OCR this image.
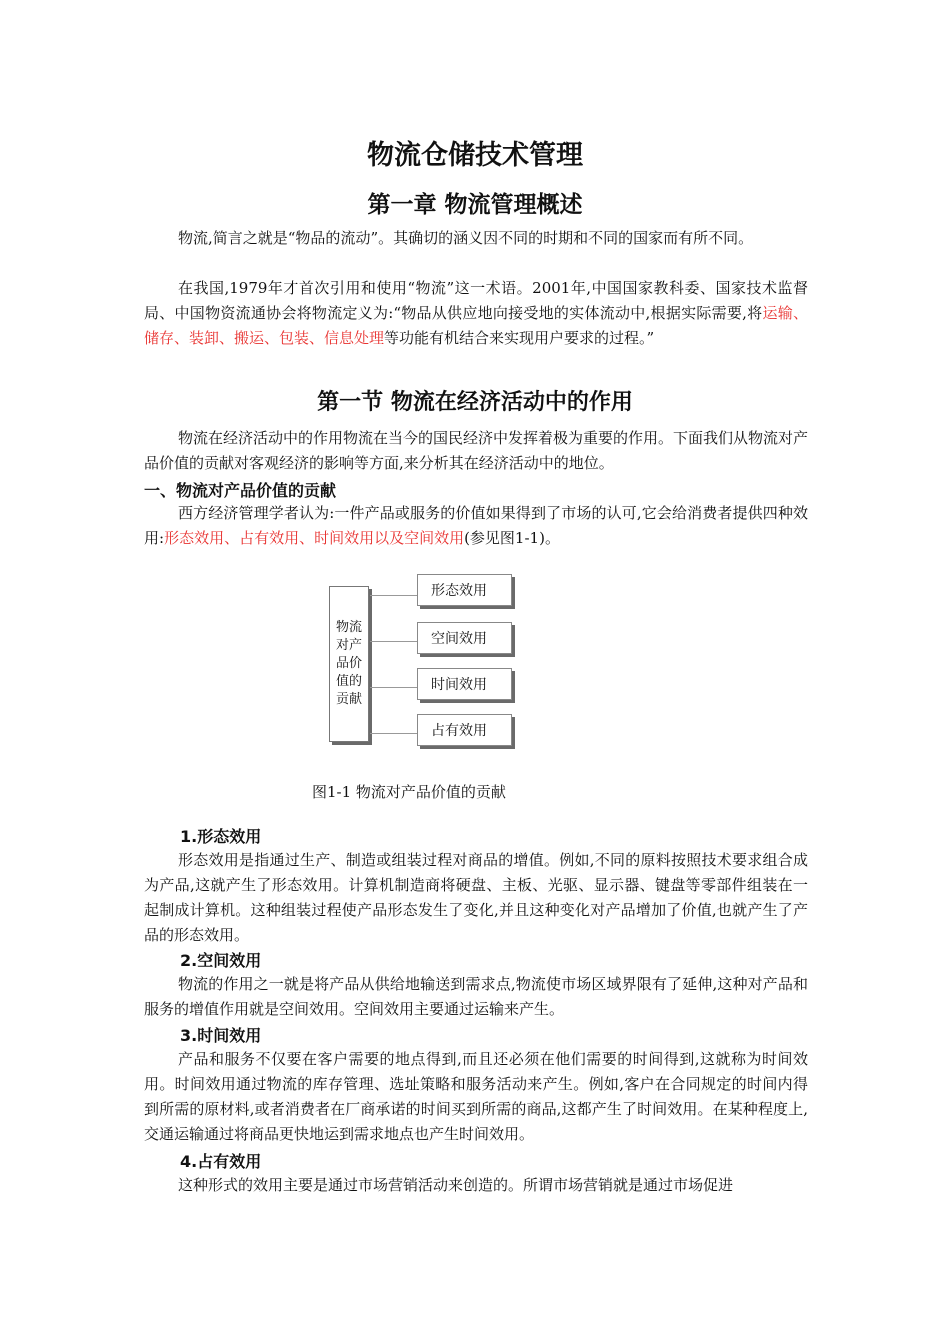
物流仓储技术管理
第一章 物流管理概述

物流,简言之就是“物品的流动”。其确切的涵义因不同的时期和不同的国家而有所不同。

在我国,1979年才首次引用和使用“物流”这一术语。2001年,中国国家教科委、国家技术监督局、中国物资流通协会将物流定义为:“物品从供应地向接受地的实体流动中,根据实际需要,将运输、储存、装卸、搬运、包装、信息处理等功能有机结合来实现用户要求的过程。”

第一节 物流在经济活动中的作用

物流在经济活动中的作用物流在当今的国民经济中发挥着极为重要的作用。下面我们从物流对产品价值的贡献对客观经济的影响等方面,来分析其在经济活动中的地位。

一、物流对产品价值的贡献

西方经济管理学者认为:一件产品或服务的价值如果得到了市场的认可,它会给消费者提供四种效用:形态效用、占有效用、时间效用以及空间效用(参见图1-1)。

物流对产品价值的贡献
形态效用
空间效用
时间效用
占有效用

图1-1 物流对产品价值的贡献

1.形态效用

形态效用是指通过生产、制造或组装过程对商品的增值。例如,不同的原料按照技术要求组合成为产品,这就产生了形态效用。计算机制造商将硬盘、主板、光驱、显示器、键盘等零部件组装在一起制成计算机。这种组装过程使产品形态发生了变化,并且这种变化对产品增加了价值,也就产生了产品的形态效用。

2.空间效用

物流的作用之一就是将产品从供给地输送到需求点,物流使市场区域界限有了延伸,这种对产品和服务的增值作用就是空间效用。空间效用主要通过运输来产生。

3.时间效用

产品和服务不仅要在客户需要的地点得到,而且还必须在他们需要的时间得到,这就称为时间效用。时间效用通过物流的库存管理、选址策略和服务活动来产生。例如,客户在合同规定的时间内得到所需的原材料,或者消费者在厂商承诺的时间买到所需的商品,这都产生了时间效用。在某种程度上,交通运输通过将商品更快地运到需求地点也产生时间效用。

4.占有效用

这种形式的效用主要是通过市场营销活动来创造的。所谓市场营销就是通过市场促进
